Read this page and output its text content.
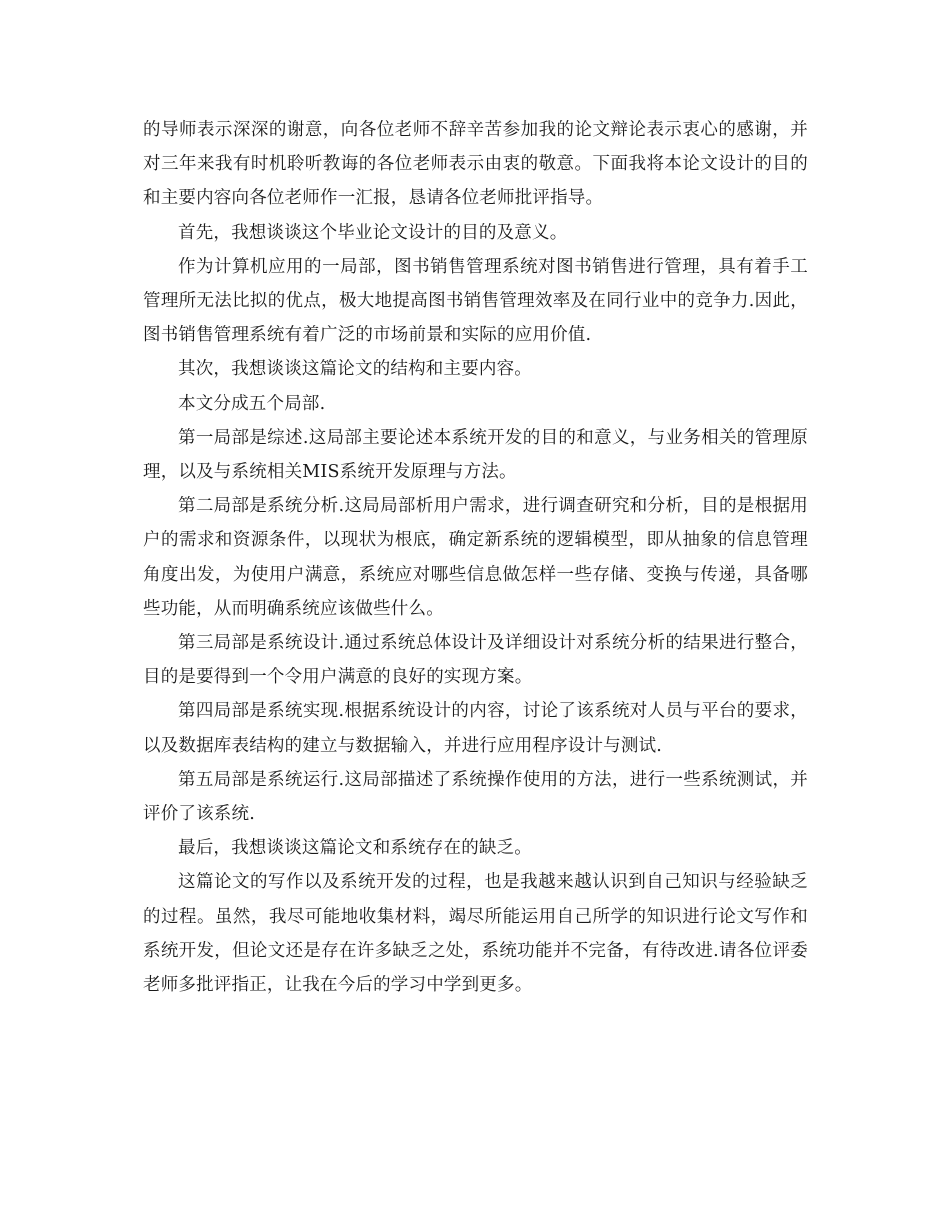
的导师表示深深的谢意，向各位老师不辞辛苦参加我的论文辩论表示衷心的感谢，并对三年来我有时机聆听教诲的各位老师表示由衷的敬意。下面我将本论文设计的目的和主要内容向各位老师作一汇报，恳请各位老师批评指导。

首先，我想谈谈这个毕业论文设计的目的及意义。

作为计算机应用的一局部，图书销售管理系统对图书销售进行管理，具有着手工管理所无法比拟的优点，极大地提高图书销售管理效率及在同行业中的竞争力.因此，图书销售管理系统有着广泛的市场前景和实际的应用价值.

其次，我想谈谈这篇论文的结构和主要内容。

本文分成五个局部.

第一局部是综述.这局部主要论述本系统开发的目的和意义，与业务相关的管理原理，以及与系统相关MIS系统开发原理与方法。

第二局部是系统分析.这局局部析用户需求，进行调查研究和分析，目的是根据用户的需求和资源条件，以现状为根底，确定新系统的逻辑模型，即从抽象的信息管理角度出发，为使用户满意，系统应对哪些信息做怎样一些存储、变换与传递，具备哪些功能，从而明确系统应该做些什么。

第三局部是系统设计.通过系统总体设计及详细设计对系统分析的结果进行整合，目的是要得到一个令用户满意的良好的实现方案。

第四局部是系统实现.根据系统设计的内容，讨论了该系统对人员与平台的要求，以及数据库表结构的建立与数据输入，并进行应用程序设计与测试.

第五局部是系统运行.这局部描述了系统操作使用的方法，进行一些系统测试，并评价了该系统.

最后，我想谈谈这篇论文和系统存在的缺乏。

这篇论文的写作以及系统开发的过程，也是我越来越认识到自己知识与经验缺乏的过程。虽然，我尽可能地收集材料，竭尽所能运用自己所学的知识进行论文写作和系统开发，但论文还是存在许多缺乏之处，系统功能并不完备，有待改进.请各位评委老师多批评指正，让我在今后的学习中学到更多。
